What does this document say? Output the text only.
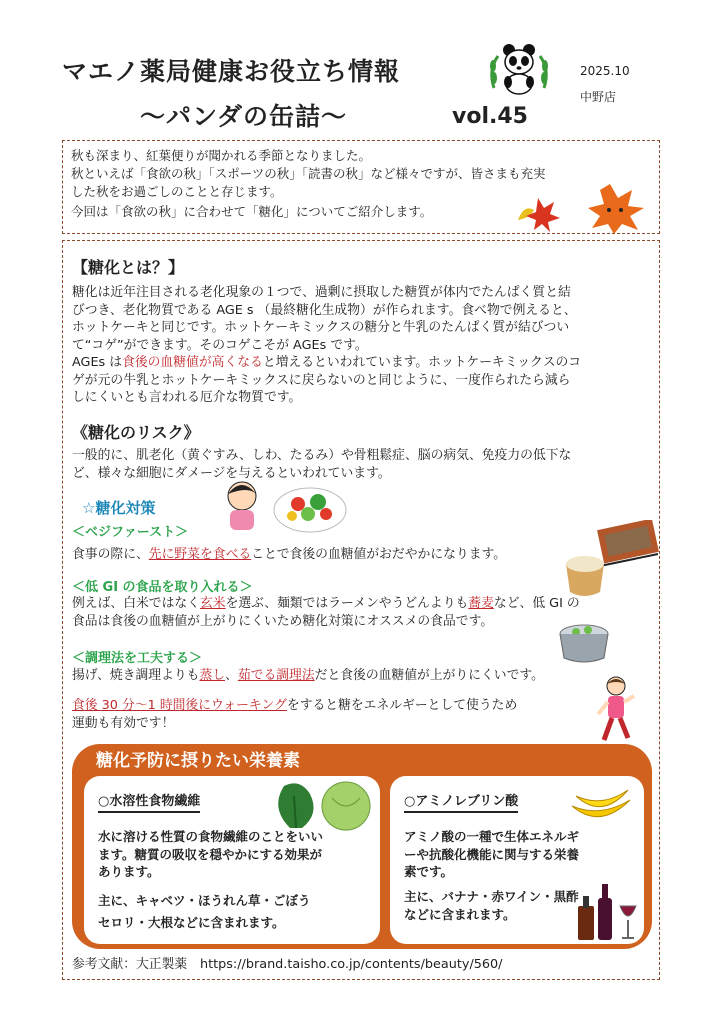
マエノ薬局健康お役立ち情報
～パンダの缶詰～	vol.45
2025.10
中野店

秋も深まり、紅葉便りが聞かれる季節となりました。

秋といえば「食欲の秋」「スポーツの秋」「読書の秋」など様々ですが、皆さまも充実

した秋をお過ごしのことと存じます。

今回は「食欲の秋」に合わせて「糖化」についてご紹介します。

【糖化とは？】
糖化は近年注目される老化現象の１つで、過剰に摂取した糖質が体内でたんぱく質と結
びつき、老化物質である AGE s （最終糖化生成物）が作られます。食べ物で例えると、
ホットケーキと同じです。ホットケーキミックスの糖分と牛乳のたんぱく質が結びつい
て“コゲ”ができます。そのコゲこそが AGEs です。
AGEs は食後の血糖値が高くなると増えるといわれています。ホットケーキミックスのコ
ゲが元の牛乳とホットケーキミックスに戻らないのと同じように、一度作られたら減ら
しにくいとも言われる厄介な物質です。
《糖化のリスク》
一般的に、肌老化（黄ぐすみ、しわ、たるみ）や骨粗鬆症、脳の病気、免疫力の低下な
ど、様々な細胞にダメージを与えるといわれています。
☆糖化対策
＜ベジファースト＞
食事の際に、先に野菜を食べることで食後の血糖値がおだやかになります。
＜低 GI の食品を取り入れる＞
例えば、白米ではなく玄米を選ぶ、麺類ではラーメンやうどんよりも蕎麦など、低 GI の
食品は食後の血糖値が上がりにくいため糖化対策にオススメの食品です。
＜調理法を工夫する＞
揚げ、焼き調理よりも蒸し、茹でる調理法だと食後の血糖値が上がりにくいです。
食後 30 分～1 時間後にウォーキングをすると糖をエネルギーとして使うため
運動も有効です！
糖化予防に摂りたい栄養素
○水溶性食物繊維
水に溶ける性質の食物繊維のことをいい
ます。糖質の吸収を穏やかにする効果が
あります。
主に、キャベツ・ほうれん草・ごぼう
セロリ・大根などに含まれます。
○アミノレブリン酸
アミノ酸の一種で生体エネルギ
ーや抗酸化機能に関与する栄養
素です。
主に、バナナ・赤ワイン・黒酢
などに含まれます。
参考文献：大正製薬　https://brand.taisho.co.jp/contents/beauty/560/
